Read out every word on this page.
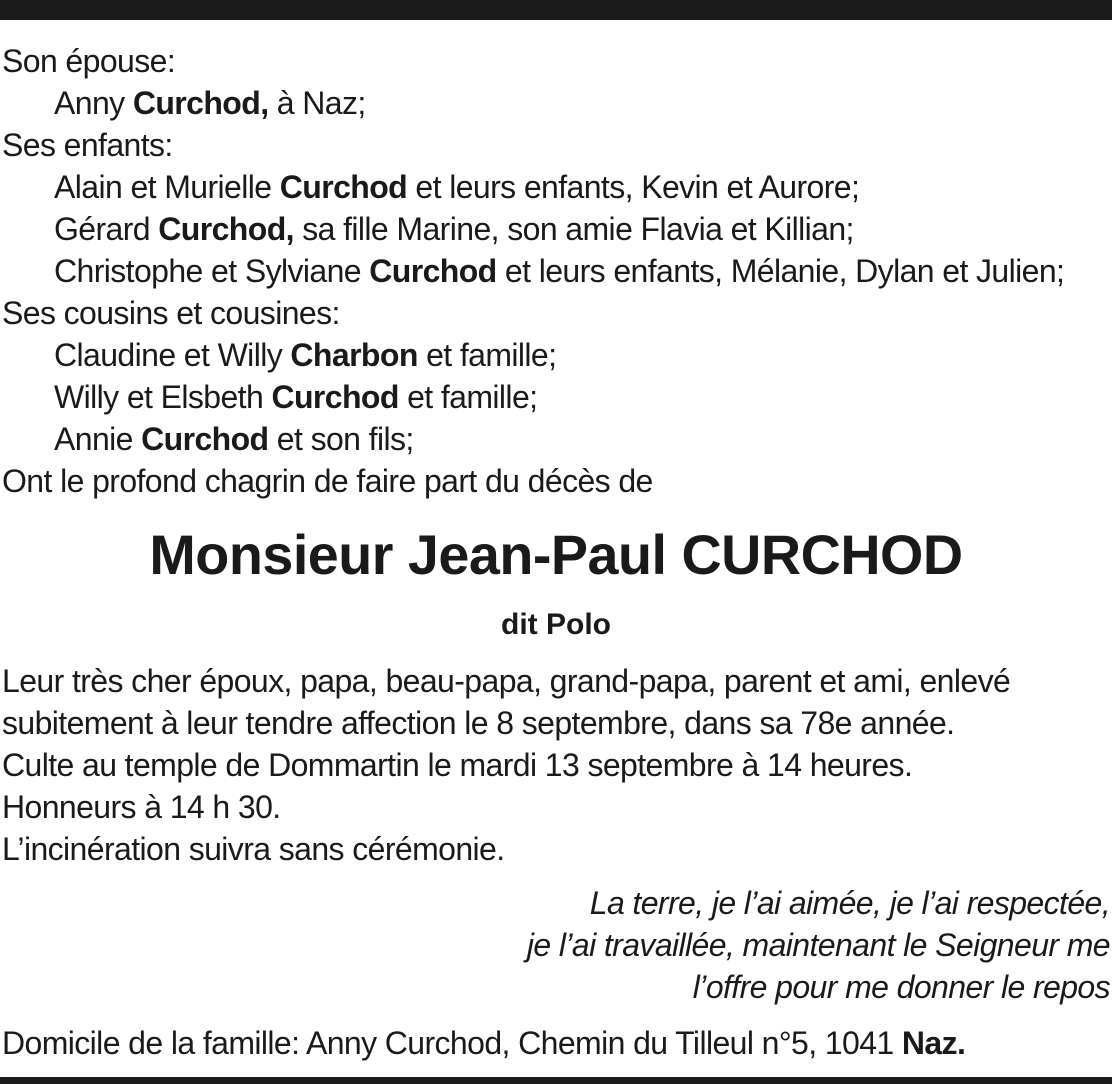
Son épouse:
Anny Curchod, à Naz;
Ses enfants:
Alain et Murielle Curchod et leurs enfants, Kevin et Aurore;
Gérard Curchod, sa fille Marine, son amie Flavia et Killian;
Christophe et Sylviane Curchod et leurs enfants, Mélanie, Dylan et Julien;
Ses cousins et cousines:
Claudine et Willy Charbon et famille;
Willy et Elsbeth Curchod et famille;
Annie Curchod et son fils;
Ont le profond chagrin de faire part du décès de
Monsieur Jean-Paul CURCHOD
dit Polo
Leur très cher époux, papa, beau-papa, grand-papa, parent et ami, enlevé
subitement à leur tendre affection le 8 septembre, dans sa 78e année.
Culte au temple de Dommartin le mardi 13 septembre à 14 heures.
Honneurs à 14 h 30.
L’incinération suivra sans cérémonie.
La terre, je l’ai aimée, je l’ai respectée,
je l’ai travaillée, maintenant le Seigneur me
l’offre pour me donner le repos
Domicile de la famille: Anny Curchod, Chemin du Tilleul n°5, 1041 Naz.
